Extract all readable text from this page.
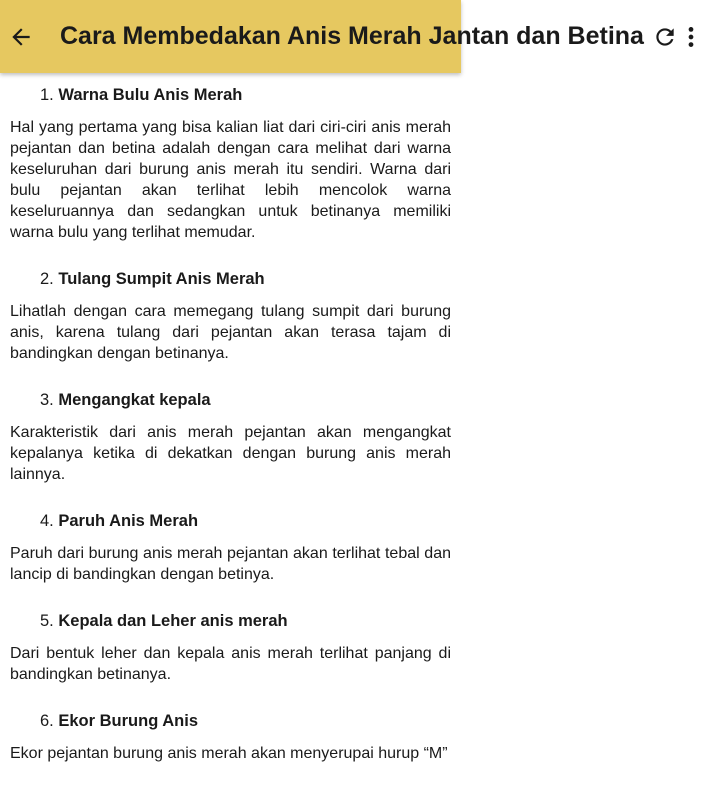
Cara Membedakan Anis Merah Jantan dan Betina
1. Warna Bulu Anis Merah

Hal yang pertama yang bisa kalian liat dari ciri-ciri anis merah pejantan dan betina adalah dengan cara melihat dari warna keseluruhan dari burung anis merah itu sendiri. Warna dari bulu pejantan akan terlihat lebih mencolok warna keseluruannya dan sedangkan untuk betinanya memiliki warna bulu yang terlihat memudar.

2. Tulang Sumpit Anis Merah

Lihatlah dengan cara memegang tulang sumpit dari burung anis, karena tulang dari pejantan akan terasa tajam di bandingkan dengan betinanya.

3. Mengangkat kepala

Karakteristik dari anis merah pejantan akan mengangkat kepalanya ketika di dekatkan dengan burung anis merah lainnya.

4. Paruh Anis Merah

Paruh dari burung anis merah pejantan akan terlihat tebal dan lancip di bandingkan dengan betinya.

5. Kepala dan Leher anis merah

Dari bentuk leher dan kepala anis merah terlihat panjang di bandingkan betinanya.

6. Ekor Burung Anis

Ekor pejantan burung anis merah akan menyerupai hurup “M”
